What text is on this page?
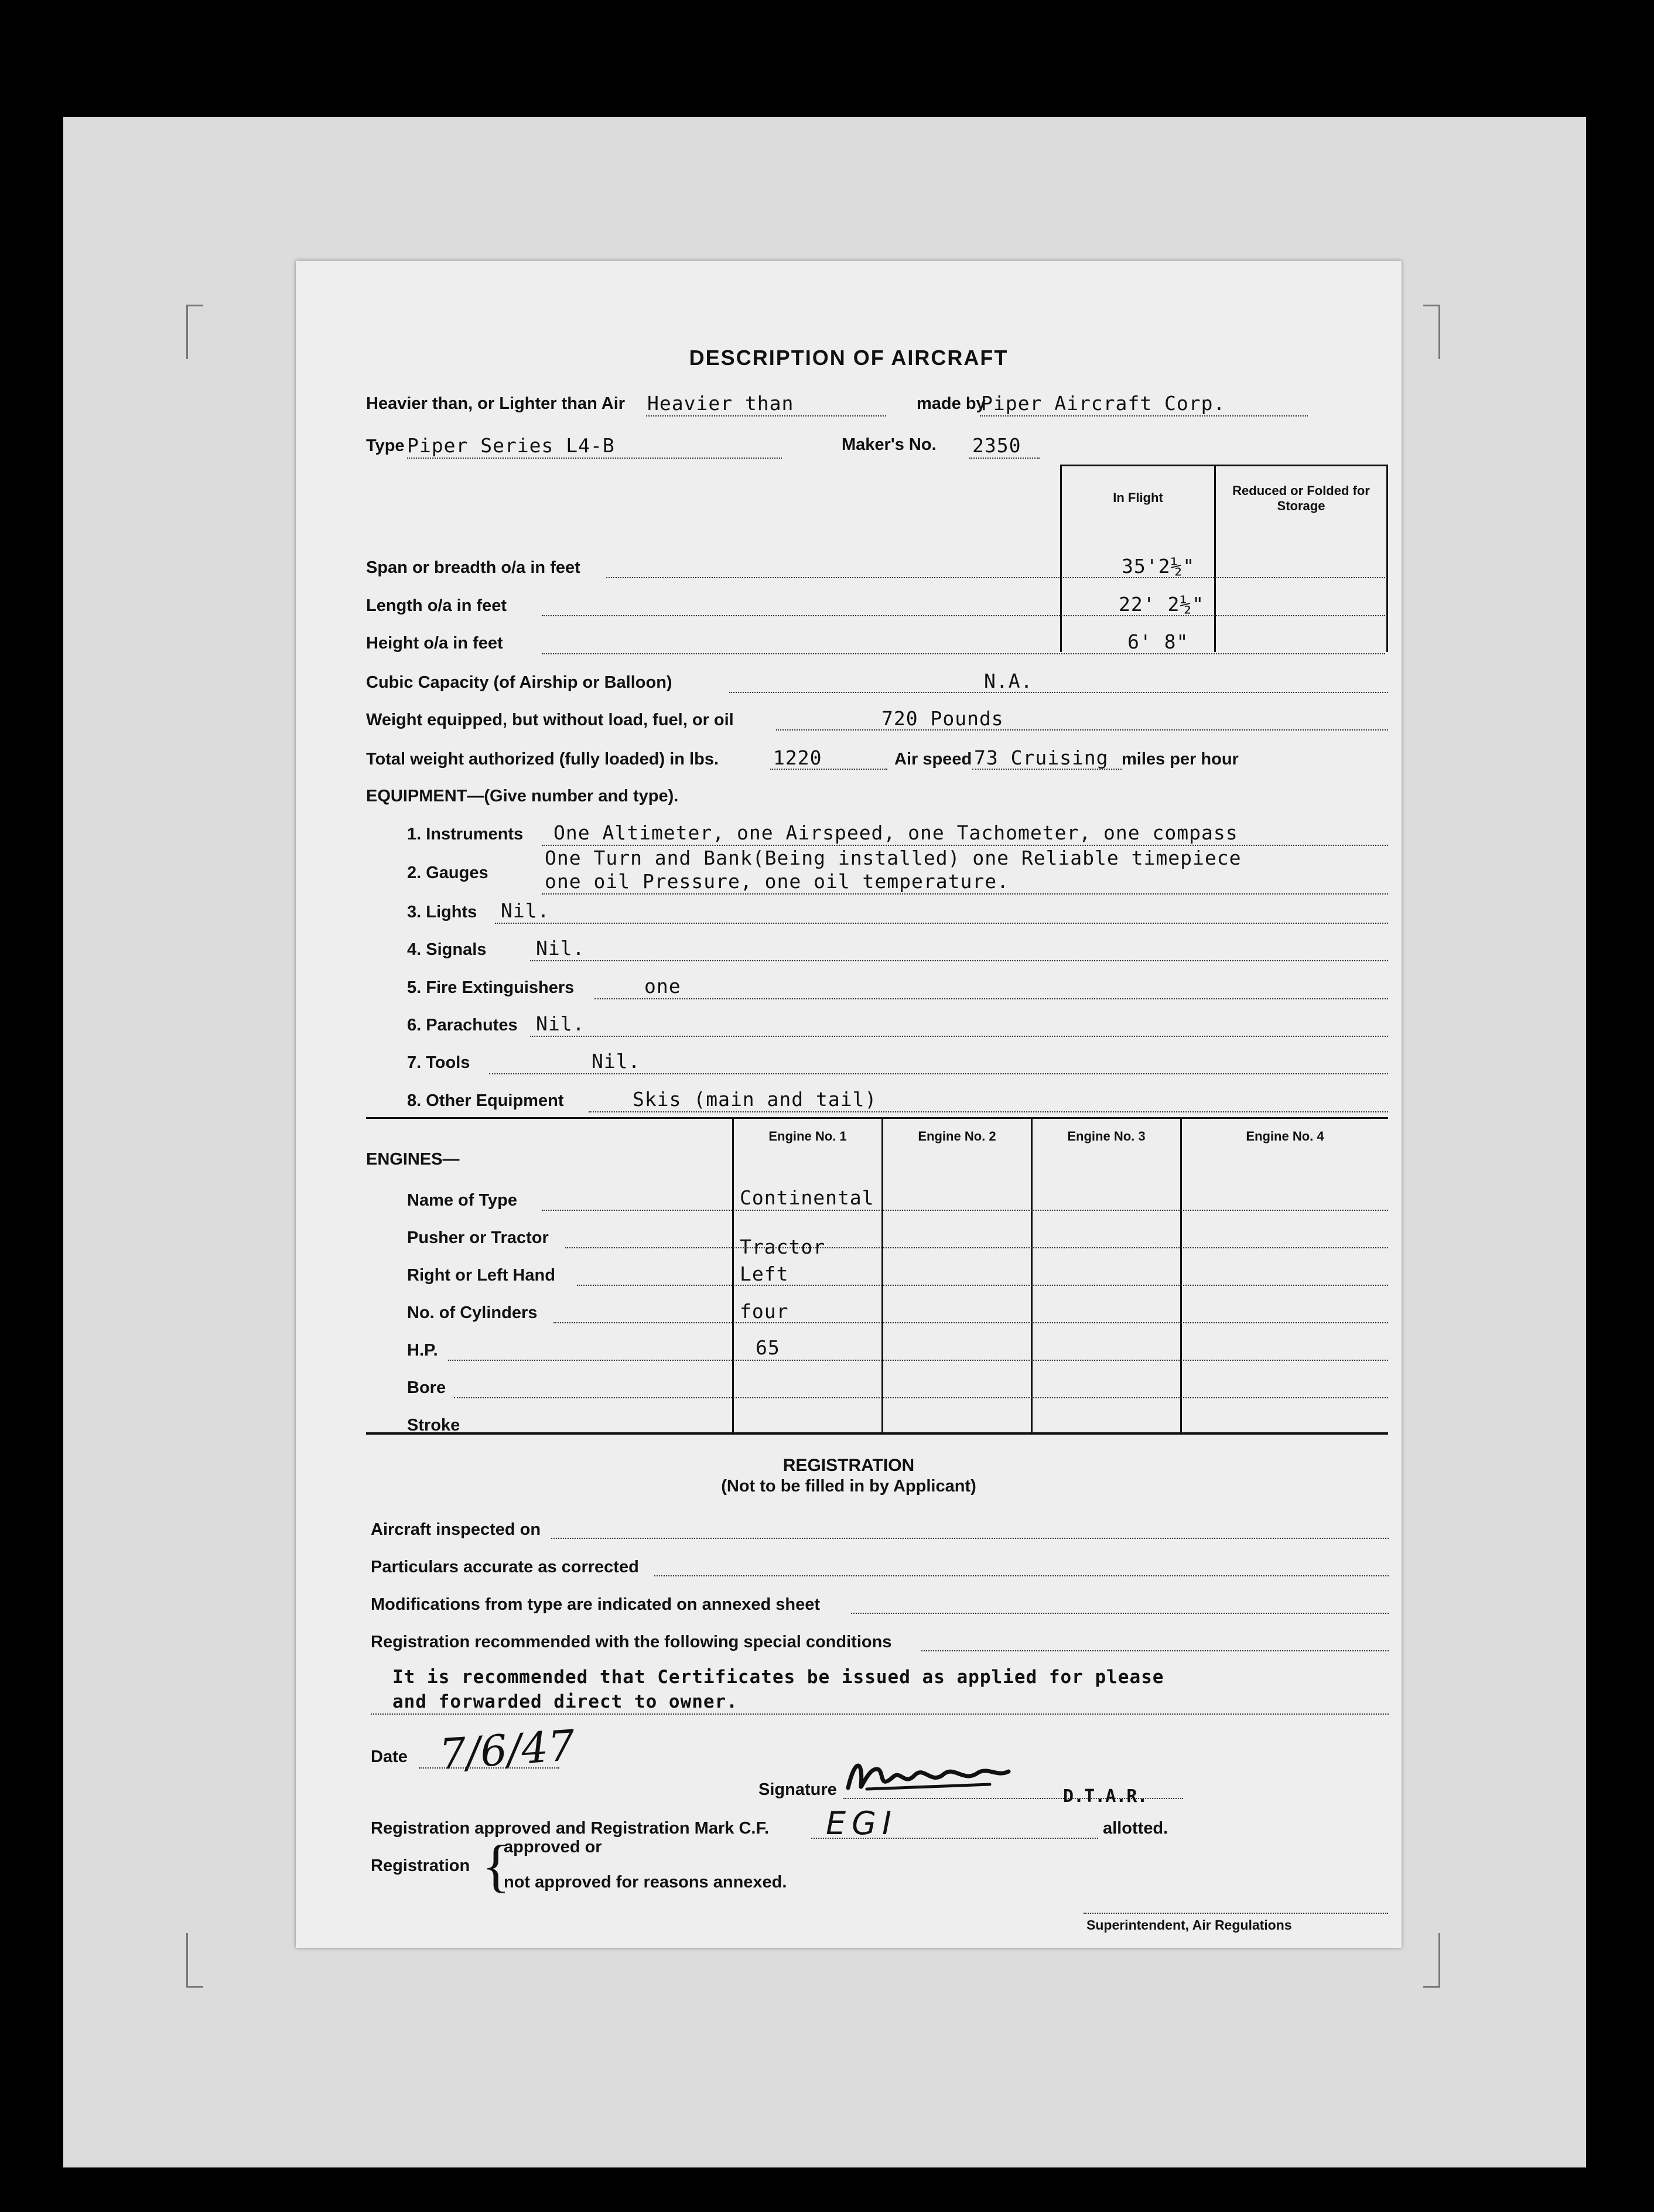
DESCRIPTION OF AIRCRAFT
Heavier than, or Lighter than Air Heavier than	made by
Piper Aircraft Corp.
Type Piper Series L4-B	Maker's No. 2350
In Flight	Reduced or Folded for Storage
Span or breadth o/a in feet	35'2½"
Length o/a in feet	22' 2½"
Height o/a in feet	6' 8"
Cubic Capacity (of Airship or Balloon)	N.A.
Weight equipped, but without load, fuel, or oil	720 Pounds
Total weight authorized (fully loaded) in lbs.	1220	Air speed 73 Cruising miles per hour
EQUIPMENT—(Give number and type).
1. Instruments One Altimeter, one Airspeed, one Tachometer, one compass
One Turn and Bank(Being installed) one Reliable timepiece
2. Gauges	one oil Pressure, one oil temperature.
3. Lights Nil.
4. Signals	Nil.
5. Fire Extinguishers	one
6. Parachutes Nil.
7. Tools	Nil.
8. Other Equipment	Skis (main and tail)
Engine No. 1	Engine No. 2	Engine No. 3	Engine No. 4
ENGINES—
Name of Type	Continental
Pusher or Tractor	Tractor
Right or Left Hand	Left
No. of Cylinders	four
H.P.	65
Bore
Stroke
REGISTRATION
(Not to be filled in by Applicant)
Aircraft inspected on
Particulars accurate as corrected
Modifications from type are indicated on annexed sheet
Registration recommended with the following special conditions
It is recommended that Certificates be issued as applied for please
and forwarded direct to owner.
Date 7/6/47
Signature	D.T.A.R.
Registration approved and Registration Mark C.F. EGI	allotted.
Registration {
approved or
not approved for reasons annexed.
Superintendent, Air Regulations
